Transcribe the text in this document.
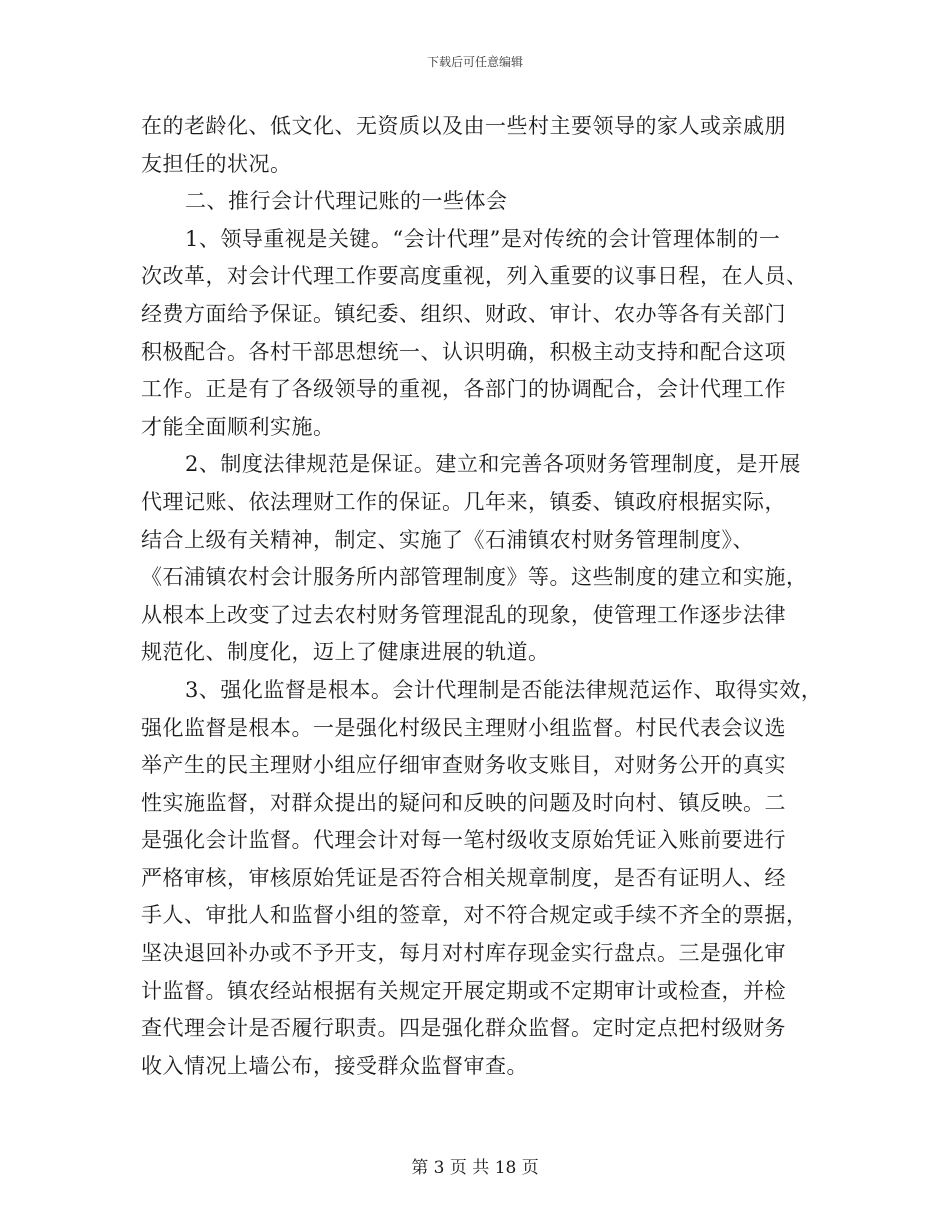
下载后可任意编辑
在的老龄化、低文化、无资质以及由一些村主要领导的家人或亲戚朋
友担任的状况。
二、推行会计代理记账的一些体会
1、领导重视是关键。“会计代理”是对传统的会计管理体制的一
次改革，对会计代理工作要高度重视，列入重要的议事日程，在人员、
经费方面给予保证。镇纪委、组织、财政、审计、农办等各有关部门
积极配合。各村干部思想统一、认识明确，积极主动支持和配合这项
工作。正是有了各级领导的重视，各部门的协调配合，会计代理工作
才能全面顺利实施。
2、制度法律规范是保证。建立和完善各项财务管理制度，是开展
代理记账、依法理财工作的保证。几年来，镇委、镇政府根据实际，
结合上级有关精神，制定、实施了《石浦镇农村财务管理制度》、
《石浦镇农村会计服务所内部管理制度》等。这些制度的建立和实施，
从根本上改变了过去农村财务管理混乱的现象，使管理工作逐步法律
规范化、制度化，迈上了健康进展的轨道。
3、强化监督是根本。会计代理制是否能法律规范运作、取得实效，
强化监督是根本。一是强化村级民主理财小组监督。村民代表会议选
举产生的民主理财小组应仔细审查财务收支账目，对财务公开的真实
性实施监督，对群众提出的疑问和反映的问题及时向村、镇反映。二
是强化会计监督。代理会计对每一笔村级收支原始凭证入账前要进行
严格审核，审核原始凭证是否符合相关规章制度，是否有证明人、经
手人、审批人和监督小组的签章，对不符合规定或手续不齐全的票据，
坚决退回补办或不予开支，每月对村库存现金实行盘点。三是强化审
计监督。镇农经站根据有关规定开展定期或不定期审计或检查，并检
查代理会计是否履行职责。四是强化群众监督。定时定点把村级财务
收入情况上墙公布，接受群众监督审查。
第 3 页 共 18 页
